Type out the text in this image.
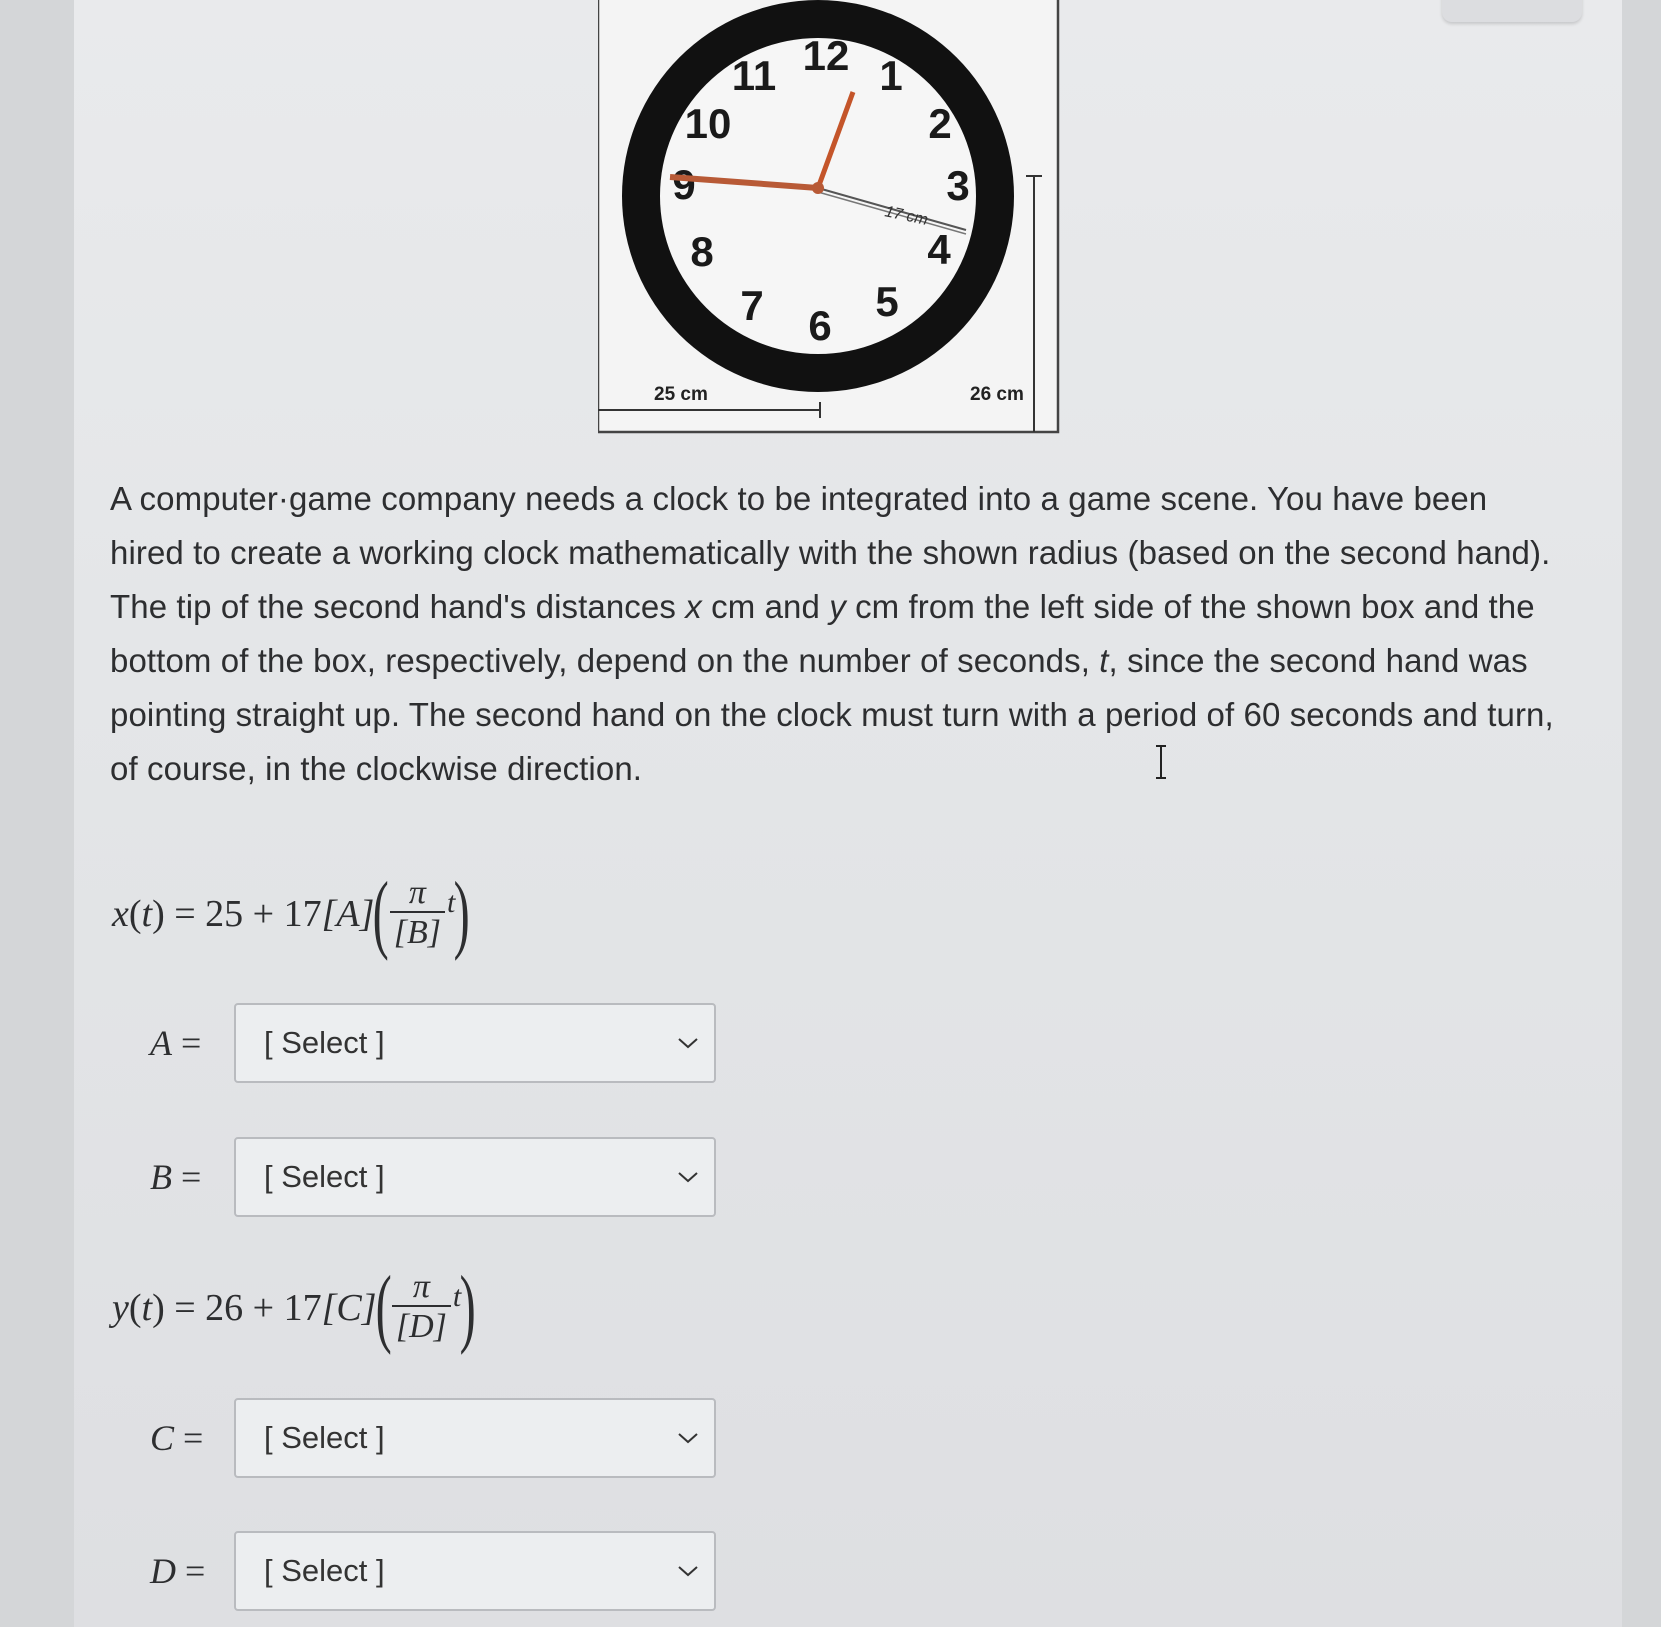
12 1
2
3
4
5
6
7
8
9
10
11
17 cm
25 cm	26 cm

A computer·game company needs a clock to be integrated into a game scene. You have been hired to create a working clock mathematically with the shown radius (based on the second hand). The tip of the second hand's distances x cm and y cm from the left side of the shown box and the bottom of the box, respectively, depend on the number of seconds, t, since the second hand was pointing straight up. The second hand on the clock must turn with a period of 60 seconds and turn, of course, in the clockwise direction.

x ( t ) = 25 + 17 [A]
( $\frac{\pi}{[B]}$ t
)
A =	[ Select ]
B =	[ Select ]
y ( t ) = 26 + 17 [C]
( $\frac{\pi}{[D]}$ t
)
C =	[ Select ]
D =	[ Select ]
